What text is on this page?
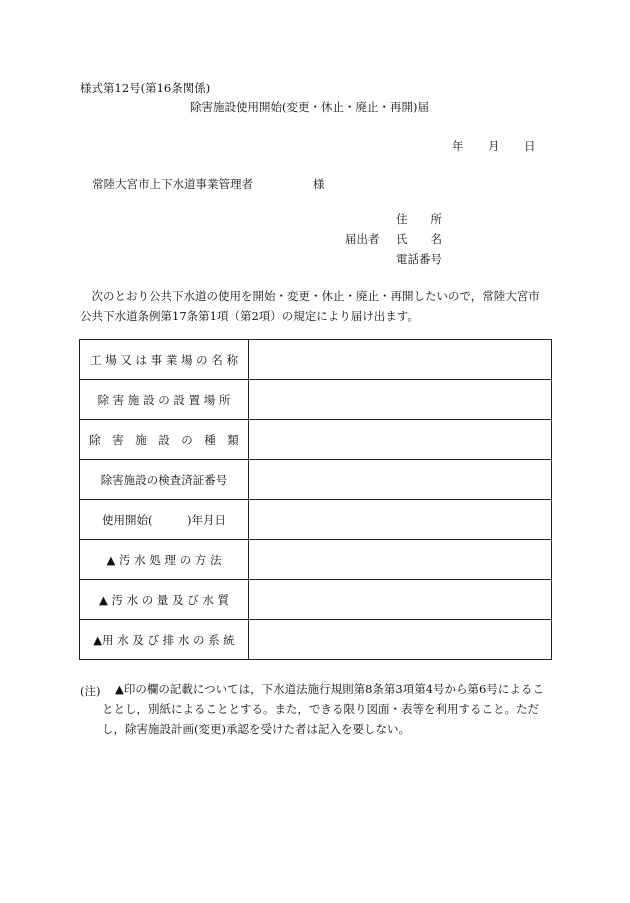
様式第12号(第16条関係)
除害施設使用開始(変更・休止・廃止・再開)届
年 月 日
常陸大宮市上下水道事業管理者	様
住　　所
届出者 氏　　名
電話番号
　次のとおり公共下水道の使用を開始・変更・休止・廃止・再開したいので，常陸大宮市
公共下水道条例第17条第1項（第2項）の規定により届け出ます。
工 場 又 は 事 業 場 の 名 称	
除 害 施 設 の 設 置 場 所	
除　害　施　設　の　種　類	
除害施設の検査済証番号	
使用開始(　　　)年月日	
▲ 汚 水 処 理 の 方 法	
▲ 汚 水 の 量 及 び 水 質	
▲用 水 及 び 排 水 の 系 統	
(注) ▲印の欄の記載については，下水道法施行規則第8条第3項第4号から第6号によるこ
ととし，別紙によることとする。また，できる限り図面・表等を利用すること。ただ
し，除害施設計画(変更)承認を受けた者は記入を要しない。
